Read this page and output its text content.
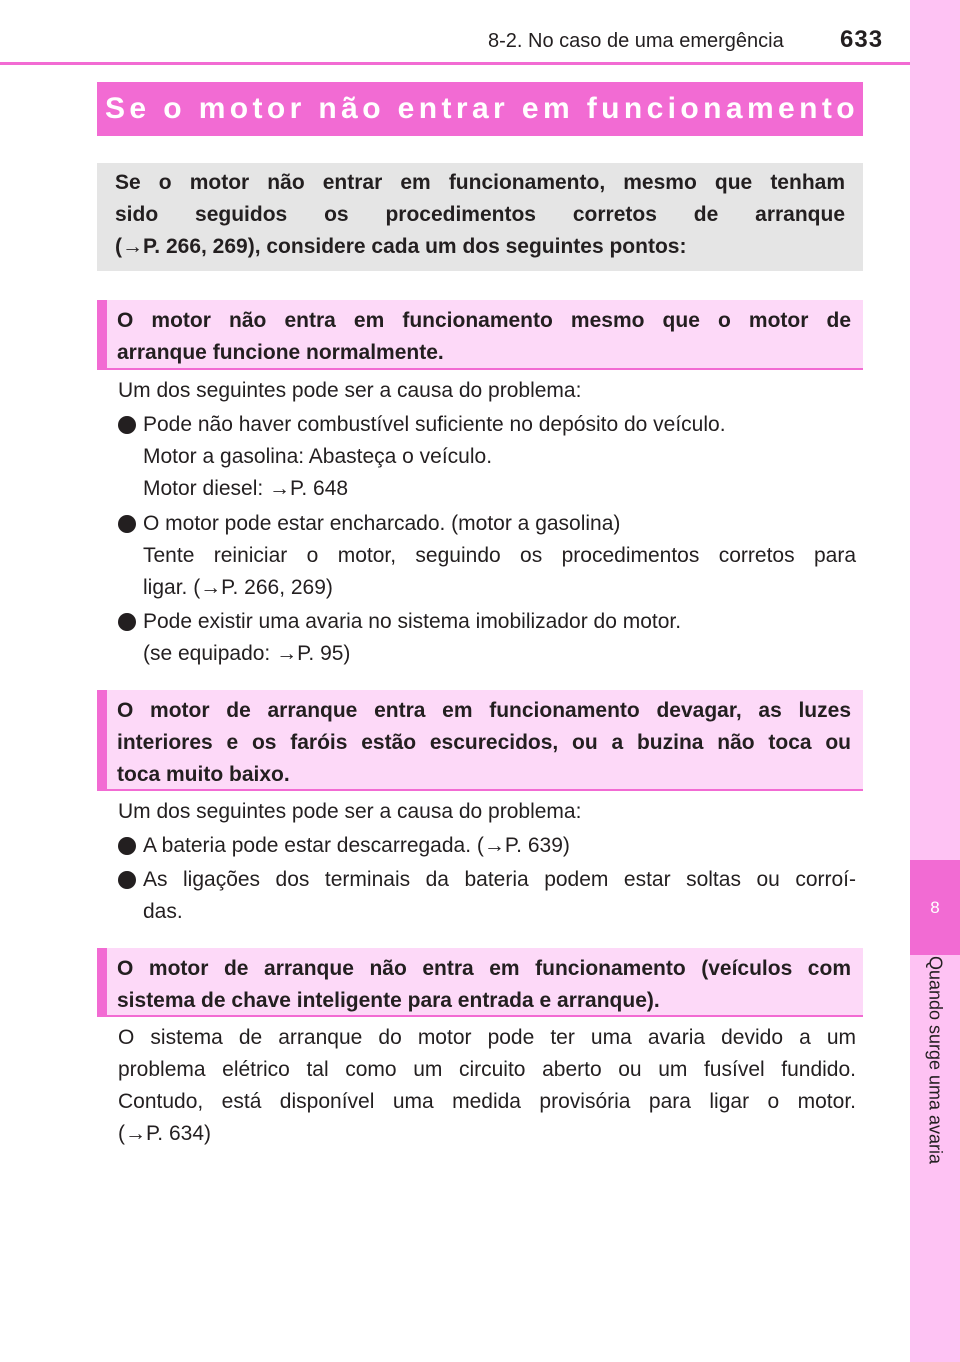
8-2. No caso de uma emergência 633
8
Quando surge uma avaria
Se o motor não entrar em funcionamento
Se o motor não entrar em funcionamento, mesmo que tenham
sido seguidos os procedimentos corretos de arranque
(→P. 266, 269), considere cada um dos seguintes pontos:
O motor não entra em funcionamento mesmo que o motor de
arranque funcione normalmente.
Um dos seguintes pode ser a causa do problema:
Pode não haver combustível suficiente no depósito do veículo.
Motor a gasolina: Abasteça o veículo.
Motor diesel: →P. 648
O motor pode estar encharcado. (motor a gasolina)
Tente reiniciar o motor, seguindo os procedimentos corretos para
ligar. (→P. 266, 269)
Pode existir uma avaria no sistema imobilizador do motor.
(se equipado: →P. 95)
O motor de arranque entra em funcionamento devagar, as luzes
interiores e os faróis estão escurecidos, ou a buzina não toca ou
toca muito baixo.
Um dos seguintes pode ser a causa do problema:
A bateria pode estar descarregada. (→P. 639)
As ligações dos terminais da bateria podem estar soltas ou corroí-
das.
O motor de arranque não entra em funcionamento (veículos com
sistema de chave inteligente para entrada e arranque).
O sistema de arranque do motor pode ter uma avaria devido a um
problema elétrico tal como um circuito aberto ou um fusível fundido.
Contudo, está disponível uma medida provisória para ligar o motor.
(→P. 634)
